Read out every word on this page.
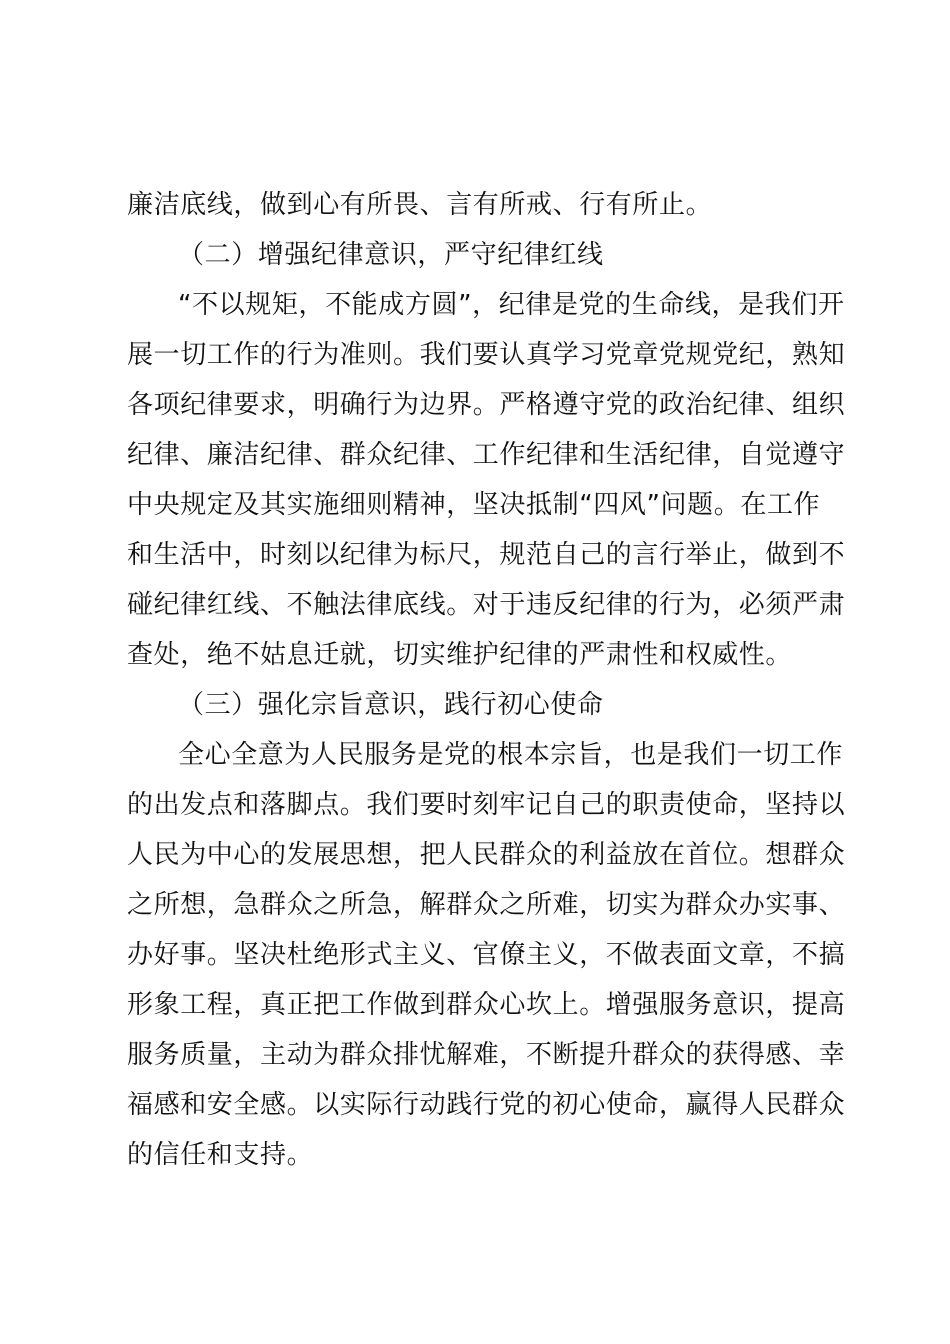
廉洁底线，做到心有所畏、言有所戒、行有所止。
（二）增强纪律意识，严守纪律红线
“不以规矩，不能成方圆”，纪律是党的生命线，是我们开
展一切工作的行为准则。我们要认真学习党章党规党纪，熟知
各项纪律要求，明确行为边界。严格遵守党的政治纪律、组织
纪律、廉洁纪律、群众纪律、工作纪律和生活纪律，自觉遵守
中央规定及其实施细则精神，坚决抵制“四风”问题。在工作
和生活中，时刻以纪律为标尺，规范自己的言行举止，做到不
碰纪律红线、不触法律底线。对于违反纪律的行为，必须严肃
查处，绝不姑息迁就，切实维护纪律的严肃性和权威性。
（三）强化宗旨意识，践行初心使命
全心全意为人民服务是党的根本宗旨，也是我们一切工作
的出发点和落脚点。我们要时刻牢记自己的职责使命，坚持以
人民为中心的发展思想，把人民群众的利益放在首位。想群众
之所想，急群众之所急，解群众之所难，切实为群众办实事、
办好事。坚决杜绝形式主义、官僚主义，不做表面文章，不搞
形象工程，真正把工作做到群众心坎上。增强服务意识，提高
服务质量，主动为群众排忧解难，不断提升群众的获得感、幸
福感和安全感。以实际行动践行党的初心使命，赢得人民群众
的信任和支持。
